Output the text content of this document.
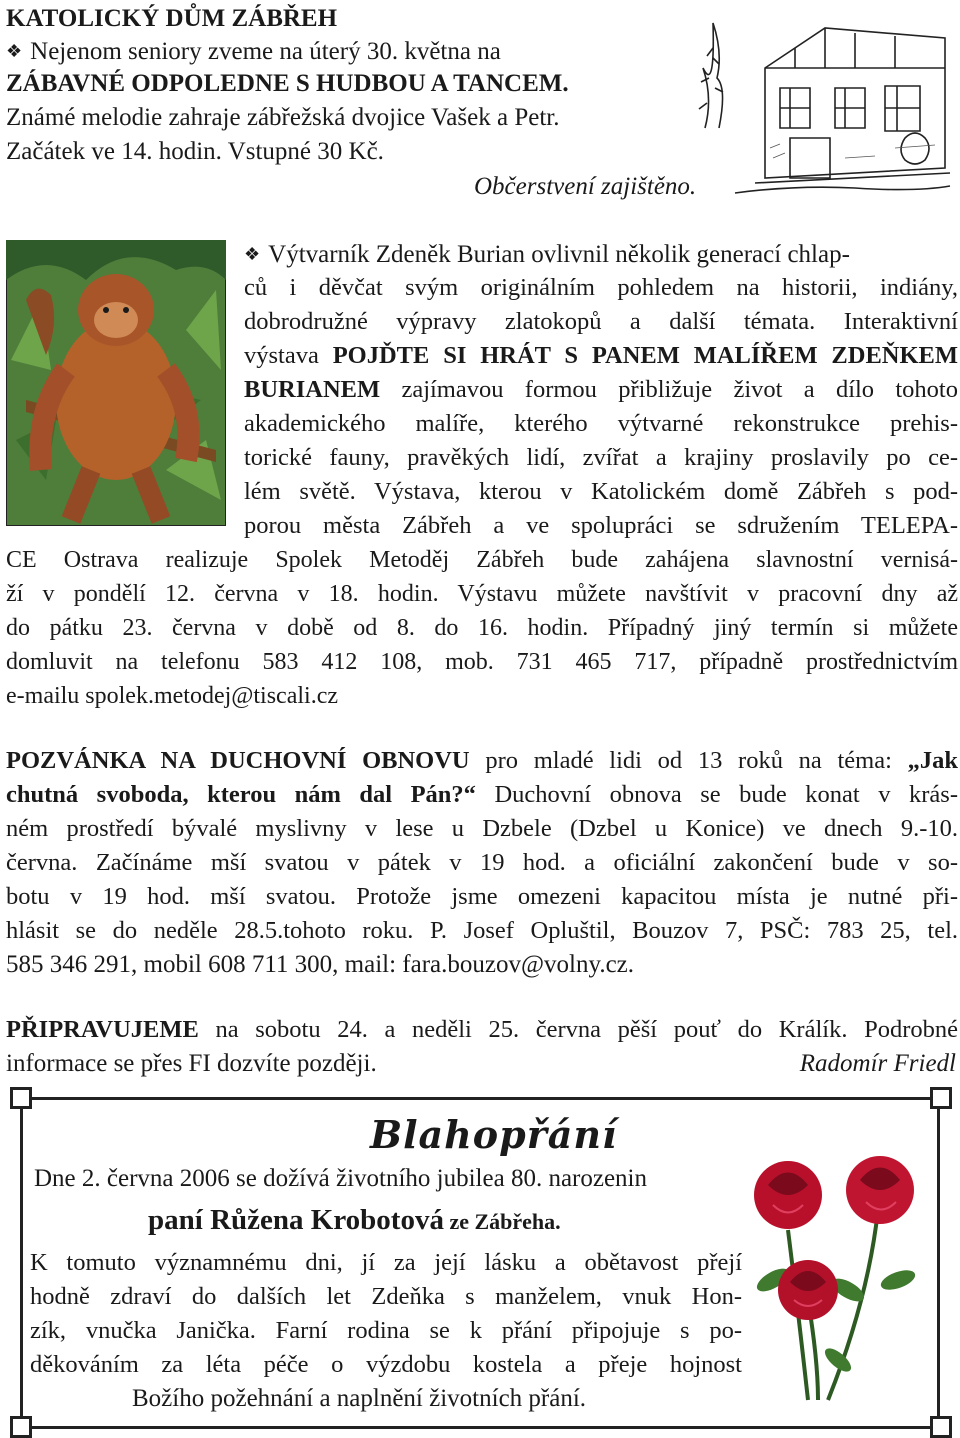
KATOLICKÝ DŮM ZÁBŘEH
❖ Nejenom seniory zveme na úterý 30. května na
ZÁBAVNÉ ODPOLEDNE S HUDBOU A TANCEM.
Známé melodie zahraje zábřežská dvojice Vašek a Petr.
Začátek ve 14. hodin. Vstupné 30 Kč.
Občerstvení zajištěno.
❖ Výtvarník Zdeněk Burian ovlivnil několik generací chlap-
ců i děvčat svým originálním pohledem na historii, indiány,
dobrodružné výpravy zlatokopů a další témata. Interaktivní
výstava POJĎTE SI HRÁT S PANEM MALÍŘEM ZDEŇKEM
BURIANEM zajímavou formou přibližuje život a dílo tohoto
akademického malíře, kterého výtvarné rekonstrukce prehis-
torické fauny, pravěkých lidí, zvířat a krajiny proslavily po ce-
lém světě. Výstava, kterou v Katolickém domě Zábřeh s pod-
porou města Zábřeh a ve spolupráci se sdružením TELEPA-
CE Ostrava realizuje Spolek Metoděj Zábřeh bude zahájena slavnostní vernisá-
ží v pondělí 12. června v 18. hodin. Výstavu můžete navštívit v pracovní dny až
do pátku 23. června v době od 8. do 16. hodin. Případný jiný termín si můžete
domluvit na telefonu 583 412 108, mob. 731 465 717, případně prostřednictvím
e-mailu spolek.metodej@tiscali.cz
POZVÁNKA NA DUCHOVNÍ OBNOVU pro mladé lidi od 13 roků na téma: „Jak
chutná svoboda, kterou nám dal Pán?“ Duchovní obnova se bude konat v krás-
ném prostředí bývalé myslivny v lese u Dzbele (Dzbel u Konice) ve dnech 9.-10.
června. Začínáme mší svatou v pátek v 19 hod. a oficiální zakončení bude v so-
botu v 19 hod. mší svatou. Protože jsme omezeni kapacitou místa je nutné při-
hlásit se do neděle 28.5.tohoto roku. P. Josef Opluštil, Bouzov 7, PSČ: 783 25, tel.
585 346 291, mobil 608 711 300, mail: fara.bouzov@volny.cz.
PŘIPRAVUJEME na sobotu 24. a neděli 25. června pěší pouť do Králík. Podrobné
informace se přes FI dozvíte později.	Radomír Friedl
Blahopřání
Dne 2. června 2006 se dožívá životního jubilea 80. narozenin
paní Růžena Krobotová ze Zábřeha.
K tomuto významnému dni, jí za její lásku a obětavost přejí
hodně zdraví do dalších let Zdeňka s manželem, vnuk Hon-
zík, vnučka Janička. Farní rodina se k přání připojuje s po-
děkováním za léta péče o výzdobu kostela a přeje hojnost
Božího požehnání a naplnění životních přání.
